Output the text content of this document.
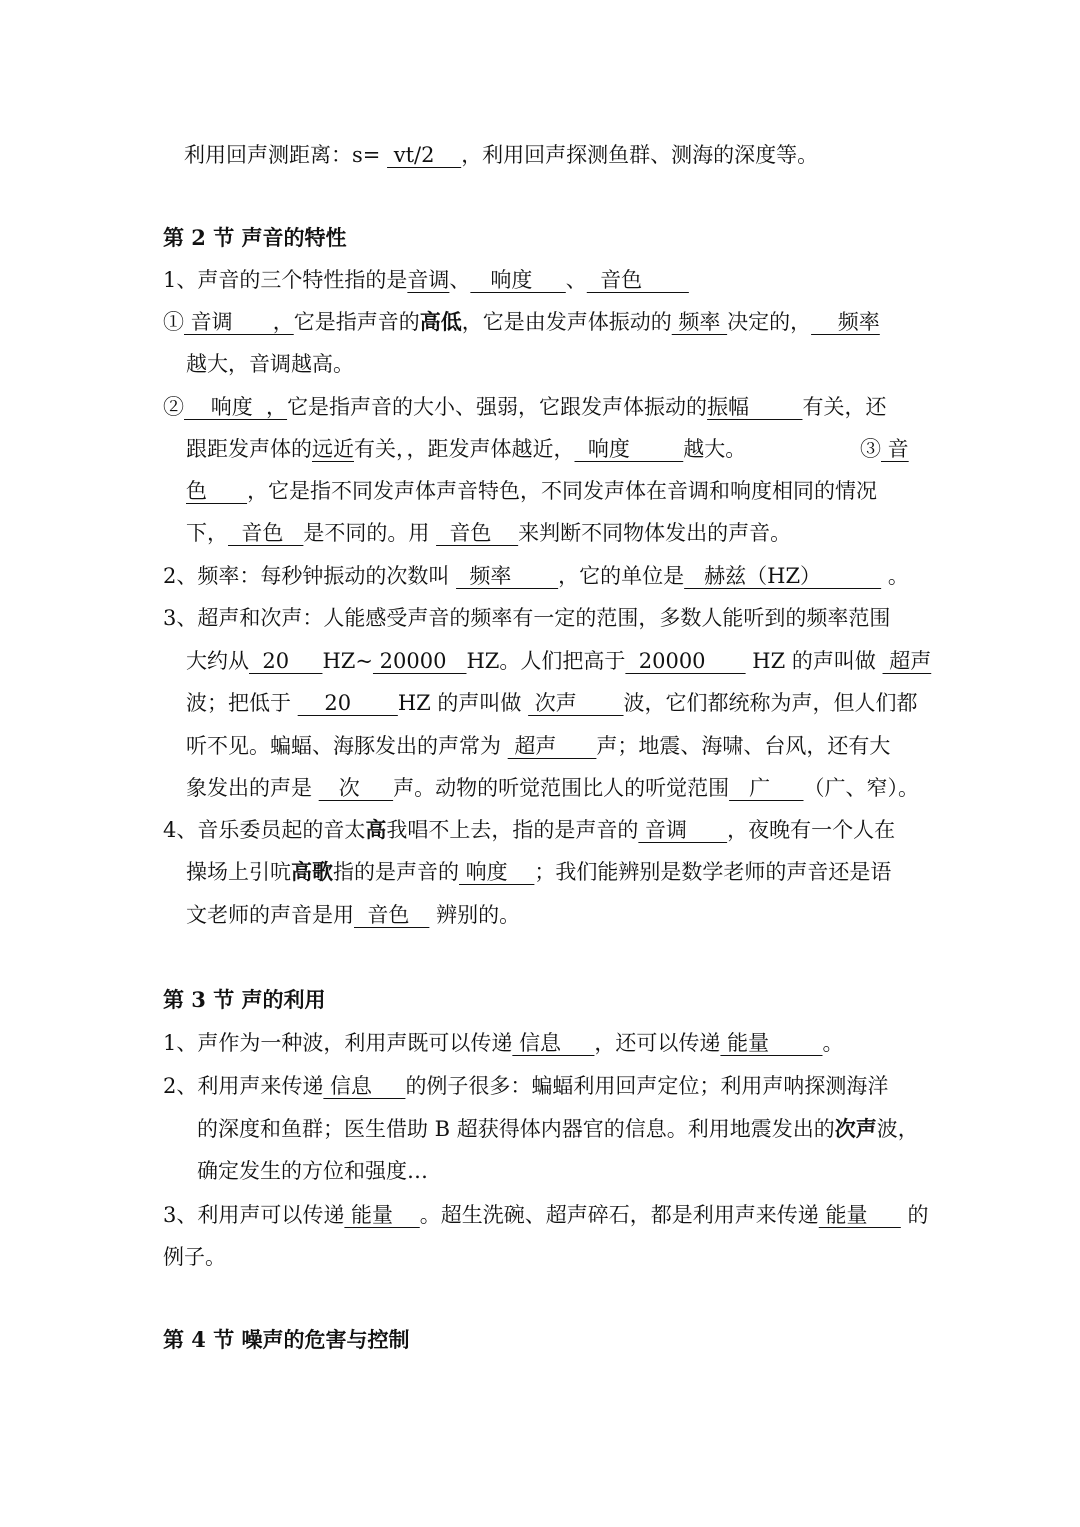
利用回声测距离：s=  vt/2    ，利用回声探测鱼群、测海的深度等。
第 2 节 声音的特性
1、声音的三个特性指的是音调、   响度     、  音色
① 音调      ，它是指声音的高低，它是由发声体振动的 频率 决定的，    频率
越大，音调越高。
②    响度  ，它是指声音的大小、强弱，它跟发声体振动的振幅        有关，还
跟距发声体的远近有关，，距发声体越近，  响度        越大。	③ 音
色      ，它是指不同发声体声音特色，不同发声体在音调和响度相同的情况
下，  音色   是不同的。用   音色    来判断不同物体发出的声音。
2、频率：每秒钟振动的次数叫   频率       ，它的单位是   赫兹（HZ）          。
3、超声和次声：人能感受声音的频率有一定的范围，多数人能听到的频率范围
大约从  20     HZ~ 20000   HZ。人们把高于  20000       HZ 的声叫做  超声
波；把低于     20       HZ 的声叫做  次声       波，它们都统称为声，但人们都
听不见。蝙蝠、海豚发出的声常为  超声      声；地震、海啸、台风，还有大
象发出的声是    次     声。动物的听觉范围比人的听觉范围   广     （广、窄）。
4、音乐委员起的音太高我唱不上去，指的是声音的 音调      ，夜晚有一个人在
操场上引吭高歌指的是声音的 响度    ；我们能辨别是数学老师的声音还是语
文老师的声音是用  音色    辨别的。
第 3 节 声的利用
1、声作为一种波，利用声既可以传递 信息     ，还可以传递 能量        。
2、利用声来传递 信息     的例子很多：蝙蝠利用回声定位；利用声呐探测海洋
的深度和鱼群；医生借助 B 超获得体内器官的信息。利用地震发出的次声波，
确定发生的方位和强度…
3、利用声可以传递 能量    。超生洗碗、超声碎石，都是利用声来传递 能量      的
例子。
第 4 节 噪声的危害与控制
